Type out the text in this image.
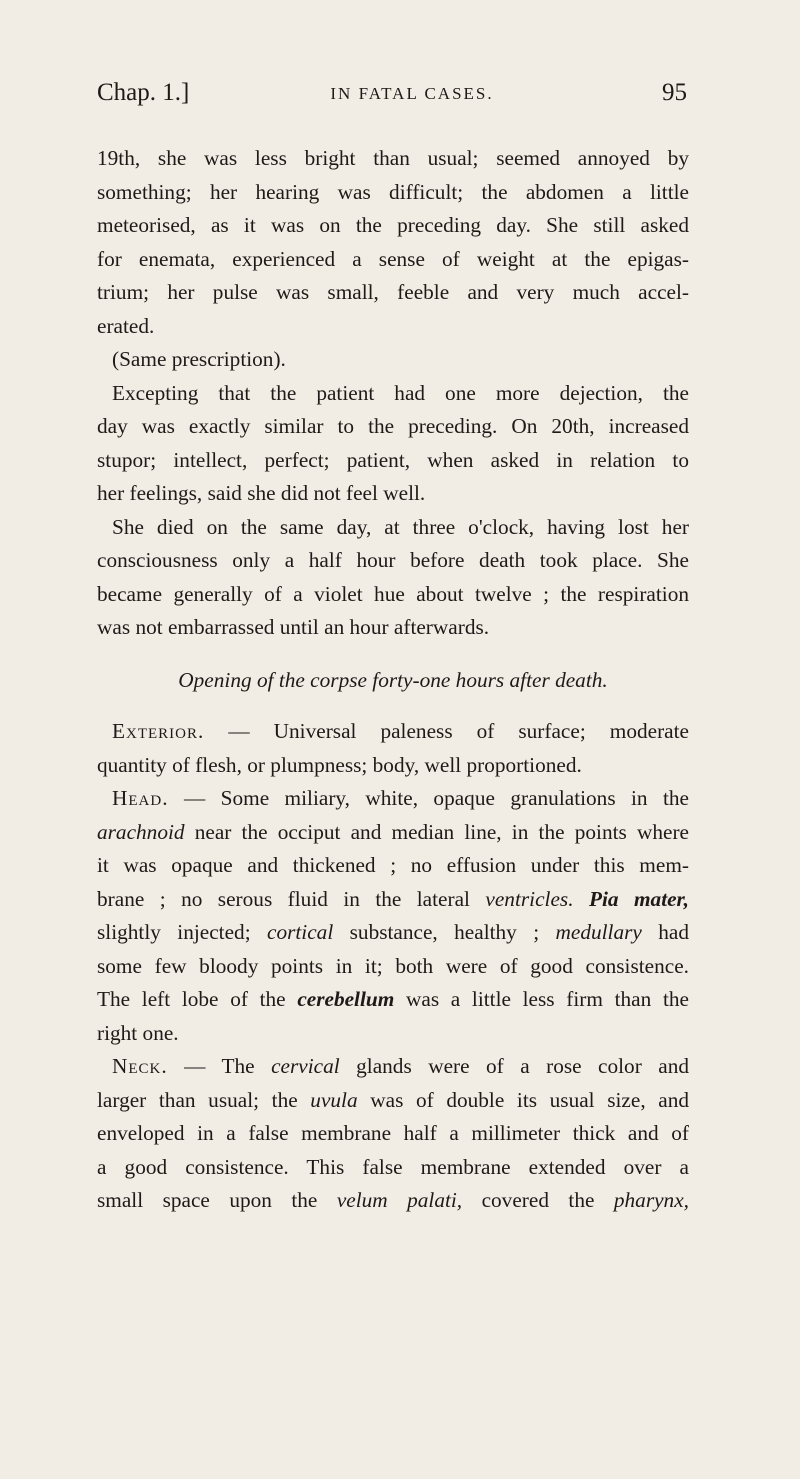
Chap. 1.]	IN FATAL CASES.	95
19th, she was less bright than usual; seemed annoyed by
something; her hearing was difficult; the abdomen a little
meteorised, as it was on the preceding day. She still asked
for enemata, experienced a sense of weight at the epigas-
trium; her pulse was small, feeble and very much accel-
erated.
(Same prescription).
Excepting that the patient had one more dejection, the
day was exactly similar to the preceding. On 20th, increased
stupor; intellect, perfect; patient, when asked in relation to
her feelings, said she did not feel well.
She died on the same day, at three o'clock, having lost her
consciousness only a half hour before death took place. She
became generally of a violet hue about twelve ; the respiration
was not embarrassed until an hour afterwards.
Opening of the corpse forty-one hours after death.
Exterior. — Universal paleness of surface; moderate
quantity of flesh, or plumpness; body, well proportioned.
Head. — Some miliary, white, opaque granulations in the
arachnoid near the occiput and median line, in the points where
it was opaque and thickened ; no effusion under this mem-
brane ; no serous fluid in the lateral ventricles. Pia mater,
slightly injected; cortical substance, healthy ; medullary had
some few bloody points in it; both were of good consistence.
The left lobe of the cerebellum was a little less firm than the
right one.
Neck. — The cervical glands were of a rose color and
larger than usual; the uvula was of double its usual size, and
enveloped in a false membrane half a millimeter thick and of
a good consistence. This false membrane extended over a
small space upon the velum palati, covered the pharynx,
